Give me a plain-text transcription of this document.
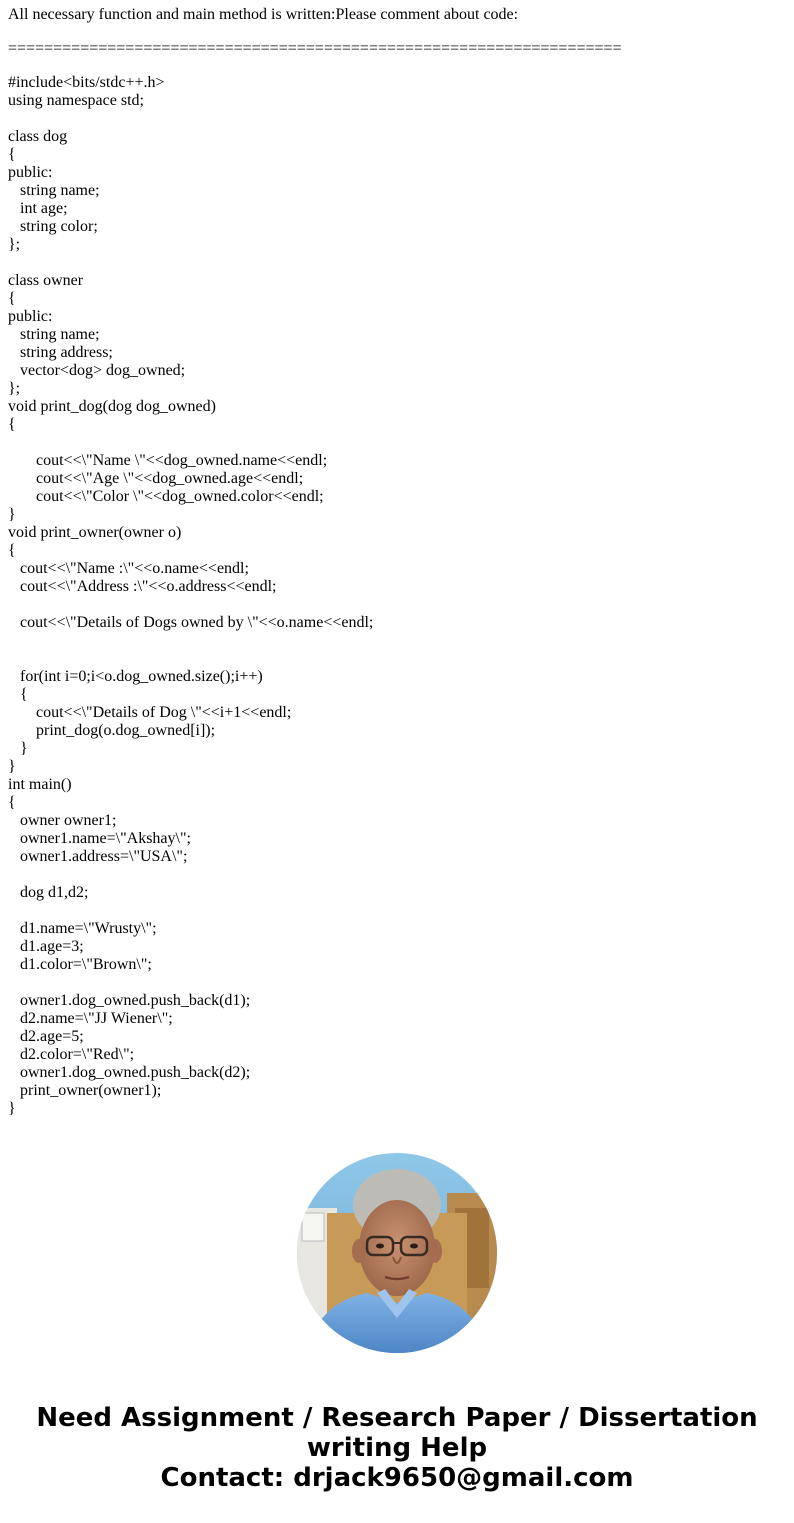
All necessary function and main method is written:Please comment about code:
====================================================================
#include<bits/stdc++.h>
using namespace std;
class dog
{
public:
string name;
int age;
string color;
};
class owner
{
public:
string name;
string address;
vector<dog> dog_owned;
};
void print_dog(dog dog_owned)
{
cout<<\"Name \"<<dog_owned.name<<endl;
cout<<\"Age \"<<dog_owned.age<<endl;
cout<<\"Color \"<<dog_owned.color<<endl;
}
void print_owner(owner o)
{
cout<<\"Name :\"<<o.name<<endl;
cout<<\"Address :\"<<o.address<<endl;
cout<<\"Details of Dogs owned by \"<<o.name<<endl;
for(int i=0;i<o.dog_owned.size();i++)
{
cout<<\"Details of Dog \"<<i+1<<endl;
print_dog(o.dog_owned[i]);
}
}
int main()
{
owner owner1;
owner1.name=\"Akshay\";
owner1.address=\"USA\";
dog d1,d2;
d1.name=\"Wrusty\";
d1.age=3;
d1.color=\"Brown\";
owner1.dog_owned.push_back(d1);
d2.name=\"JJ Wiener\";
d2.age=5;
d2.color=\"Red\";
owner1.dog_owned.push_back(d2);
print_owner(owner1);
}
Need Assignment / Research Paper / Dissertation
writing Help
Contact: drjack9650@gmail.com
